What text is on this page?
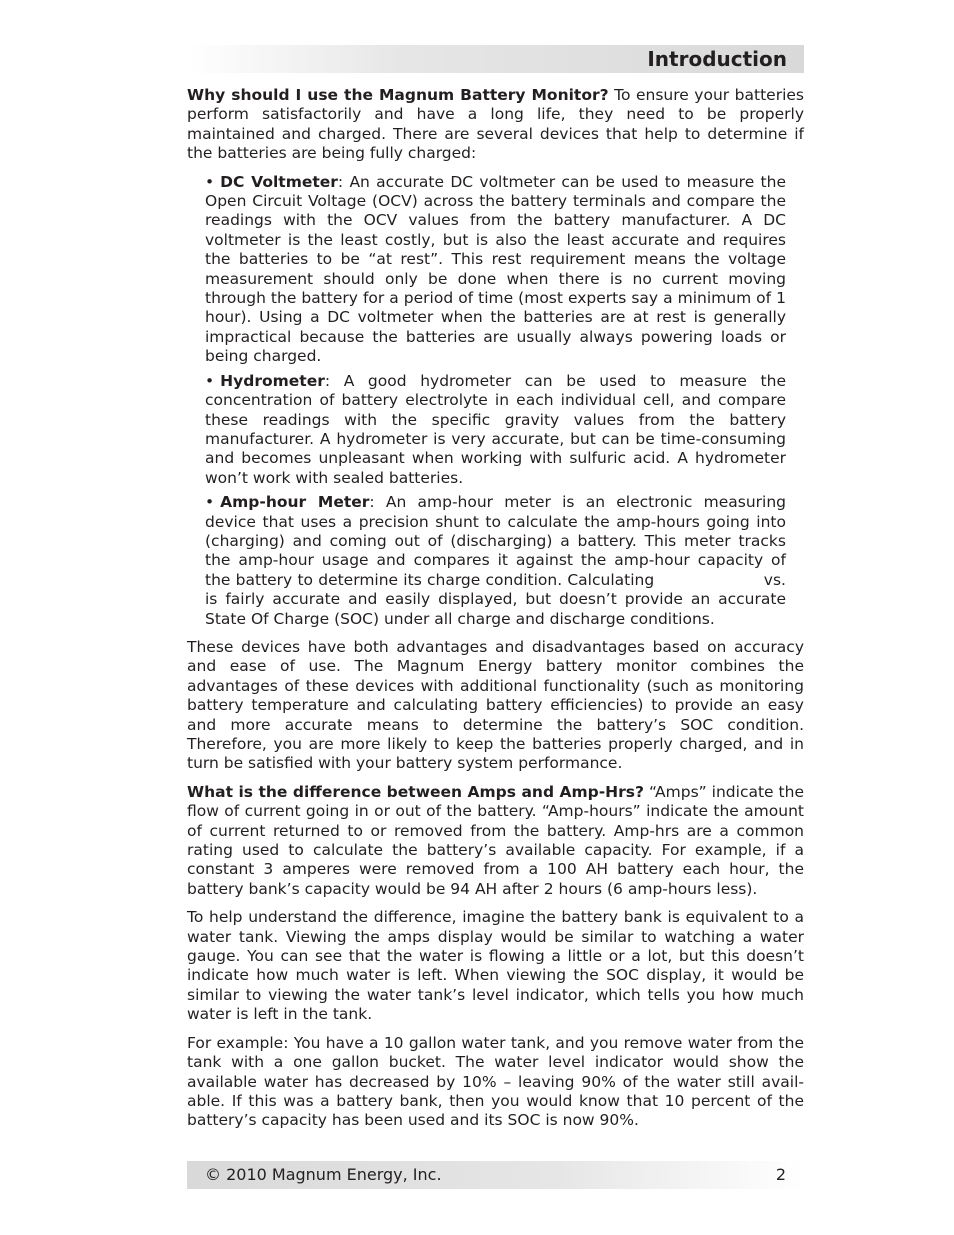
Introduction

Why should I use the Magnum Battery Monitor? To ensure your batteries perform satisfactorily and have a long life, they need to be properly maintained and charged. There are several devices that help to determine if the batteries are being fully charged:

• DC Voltmeter: An accurate DC voltmeter can be used to measure the Open Circuit Voltage (OCV) across the battery terminals and compare the readings with the OCV values from the battery manufacturer. A DC voltmeter is the least costly, but is also the least accurate and requires the batteries to be “at rest”. This rest requirement means the voltage measurement should only be done when there is no current moving through the battery for a period of time (most experts say a minimum of 1 hour). Using a DC voltmeter when the batteries are at rest is generally impractical because the batteries are usually always powering loads or being charged.
• Hydrometer: A good hydrometer can be used to measure the concentration of battery electrolyte in each individual cell, and compare these readings with the specific gravity values from the battery manufacturer. A hydrometer is very accurate, but can be time-consuming and becomes unpleasant when working with sulfuric acid. A hydrometer won’t work with sealed batteries.
• Amp-hour Meter: An amp-hour meter is an electronic measuring device that uses a precision shunt to calculate the amp-hours going into (charging) and coming out of (discharging) a battery. This meter tracks the amp-hour usage and compares it against the amp-hour capacity of the battery to determine its charge condition. Calculating                     vs.                     is fairly accurate and easily displayed, but doesn’t provide an accurate State Of Charge (SOC) under all charge and discharge conditions.

These devices have both advantages and disadvantages based on accuracy and ease of use. The Magnum Energy battery monitor combines the advantages of these devices with additional functionality (such as monitoring battery temperature and calculating battery efficiencies) to provide an easy and more accurate means to determine the battery’s SOC condition. Therefore, you are more likely to keep the batteries properly charged, and in turn be satisfied with your battery system performance.

What is the difference between Amps and Amp-Hrs? “Amps” indicate the flow of current going in or out of the battery. “Amp-hours” indicate the amount of current returned to or removed from the battery. Amp-hrs are a common rating used to calculate the battery’s available capacity. For example, if a constant 3 amperes were removed from a 100 AH battery each hour, the battery bank’s capacity would be 94 AH after 2 hours (6 amp-hours less).

To help understand the difference, imagine the battery bank is equivalent to a water tank. Viewing the amps display would be similar to watching a water gauge. You can see that the water is flowing a little or a lot, but this doesn’t indicate how much water is left. When viewing the SOC display, it would be similar to viewing the water tank’s level indicator, which tells you how much water is left in the tank.

For example: You have a 10 gallon water tank, and you remove water from the tank with a one gallon bucket. The water level indicator would show the available water has decreased by 10% – leaving 90% of the water still available. If this was a battery bank, then you would know that 10 percent of the battery’s capacity has been used and its SOC is now 90%.

© 2010 Magnum Energy, Inc.	2
